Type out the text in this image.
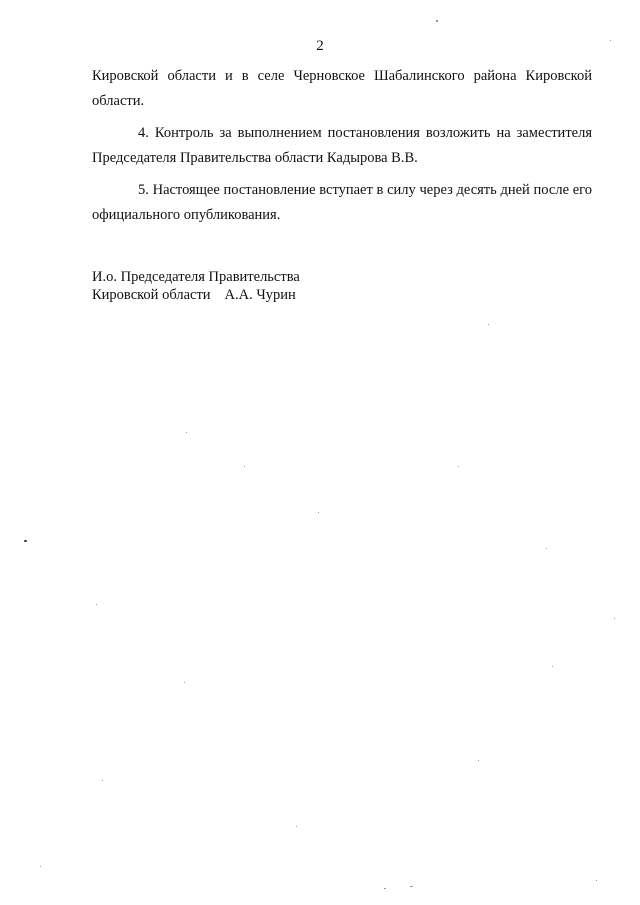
2

Кировской области и в селе Черновское Шабалинского района Кировской области.

4. Контроль за выполнением постановления возложить на заместителя Председателя Правительства области Кадырова В.В.

5. Настоящее постановление вступает в силу через десять дней после его официального опубликования.

И.о. Председателя Правительства
Кировской области А.А. Чурин
